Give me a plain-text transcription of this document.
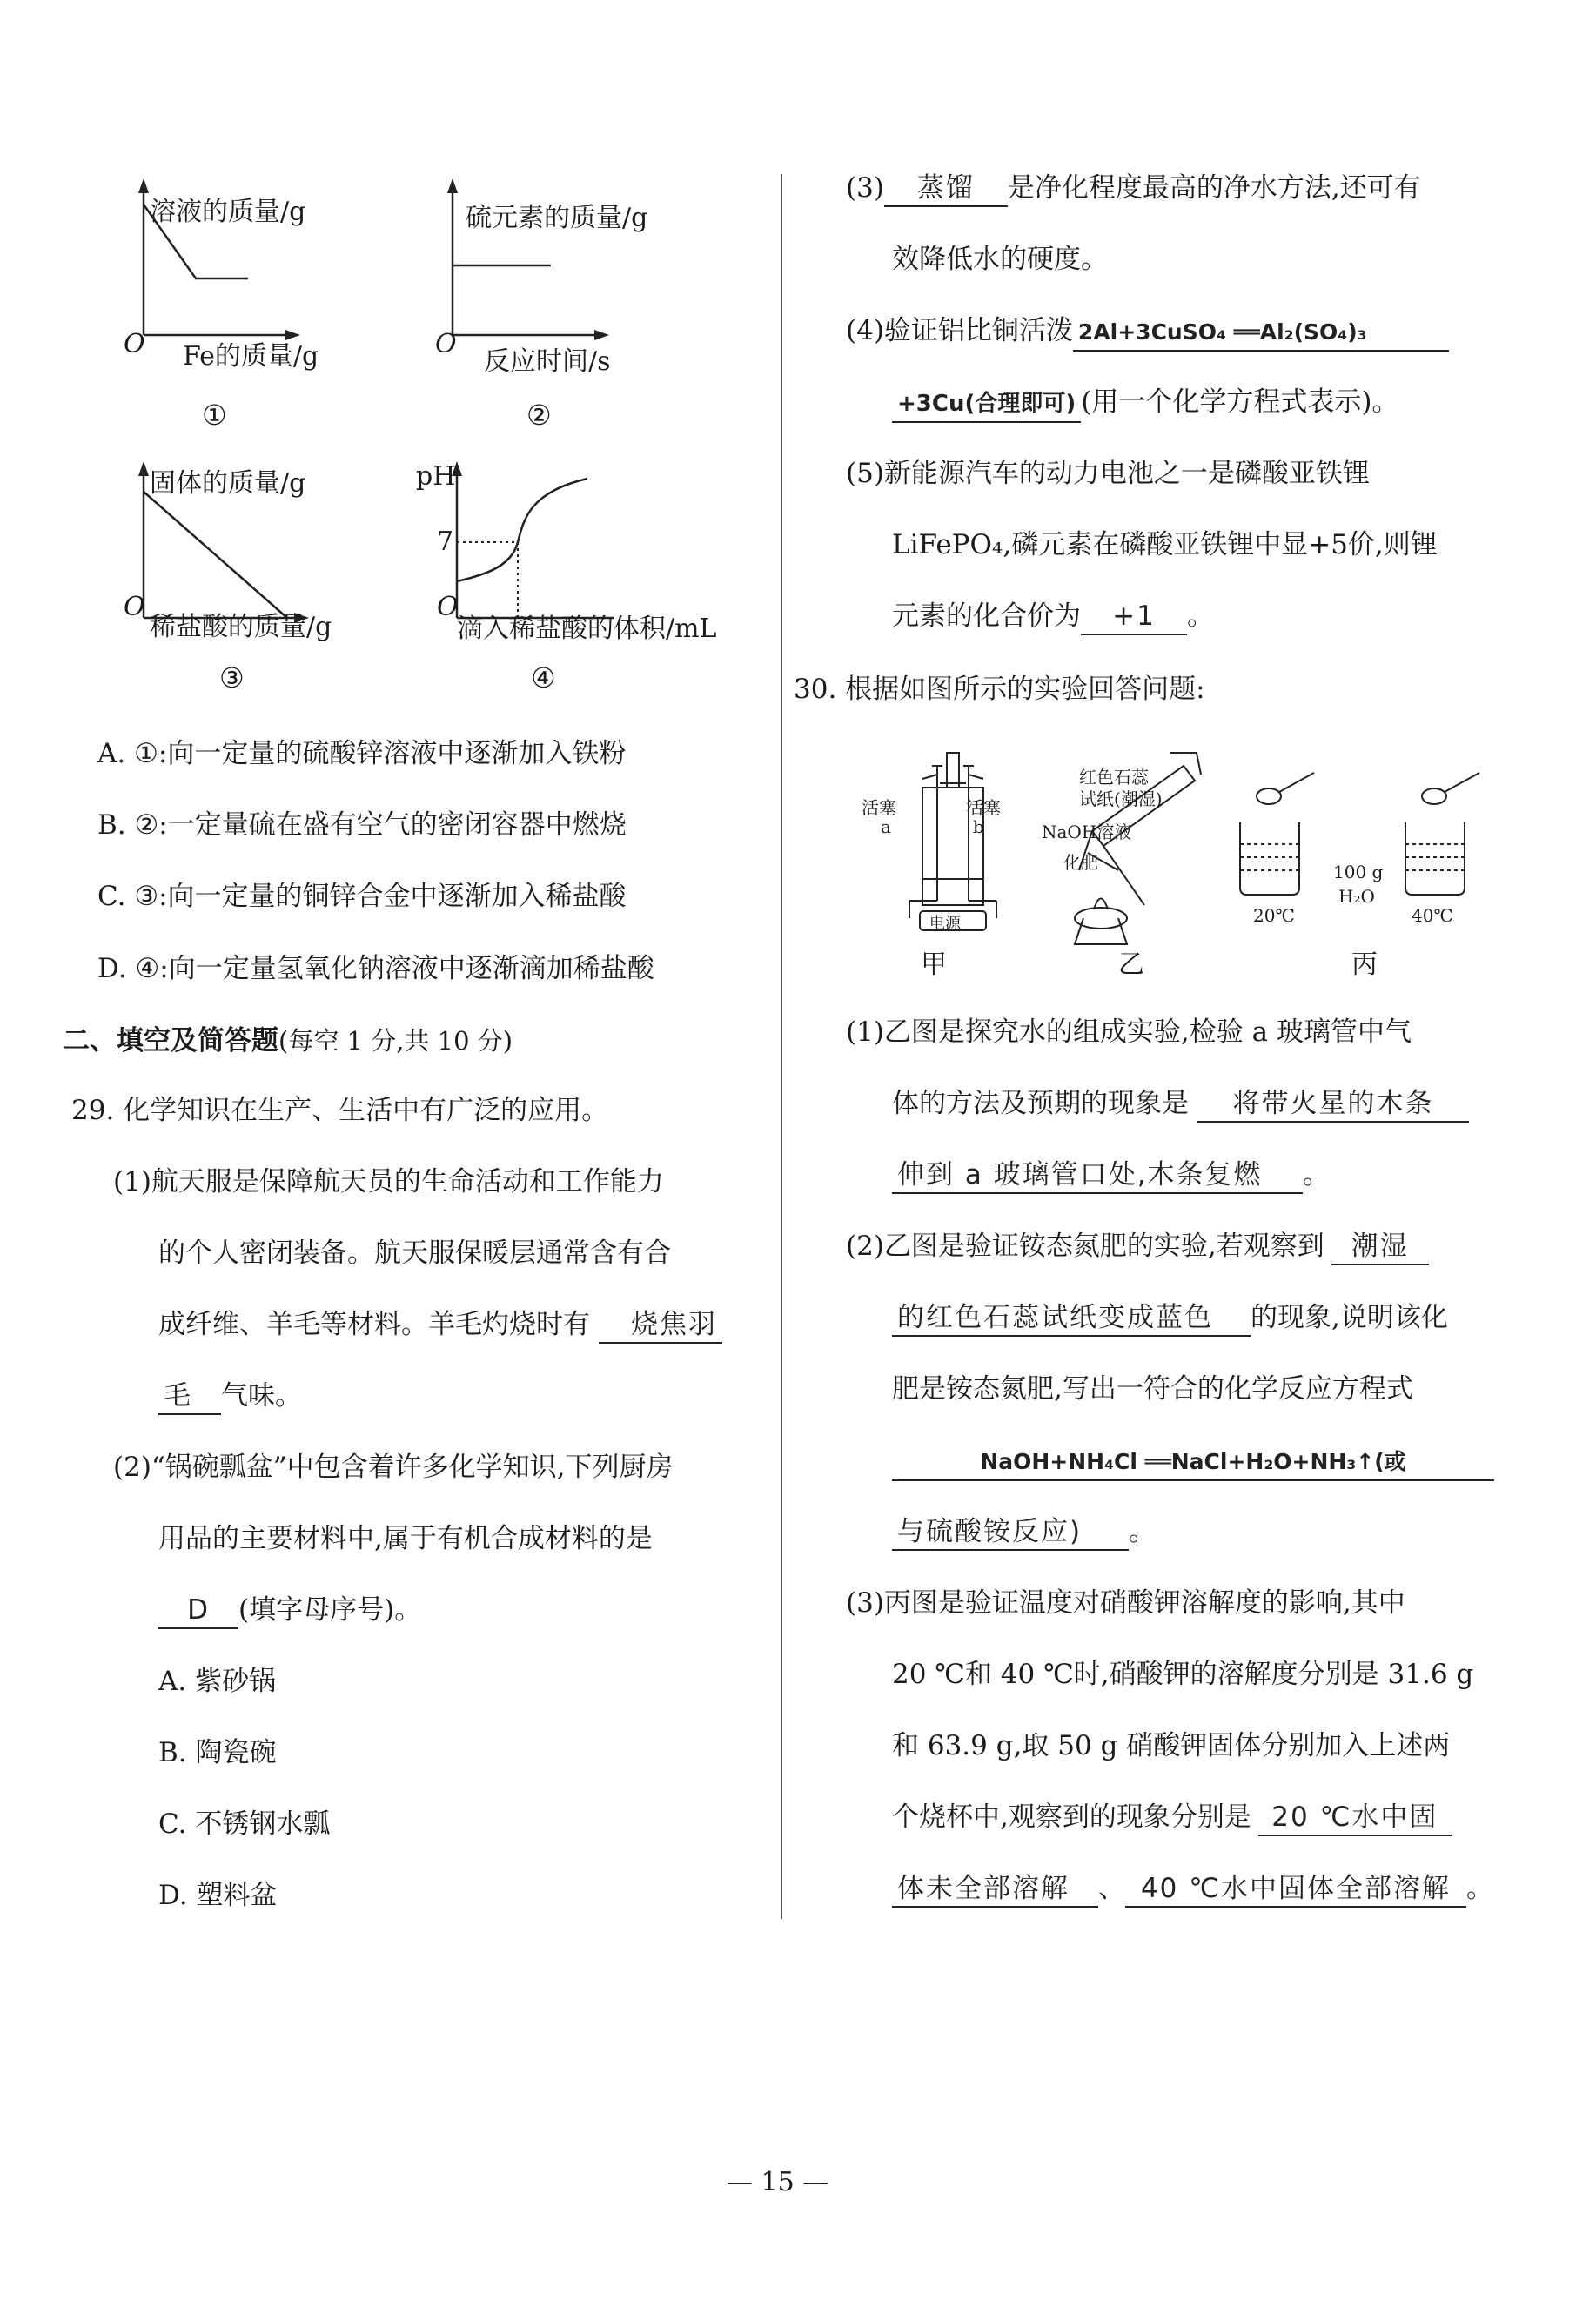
溶液的质量/g
O Fe的质量/g
①
硫元素的质量/g
O
反应时间/s
②
固体的质量/g
O
稀盐酸的质量/g
③
pH
7
O
滴入稀盐酸的体积/mL
④
A. ①:向一定量的硫酸锌溶液中逐渐加入铁粉
B. ②:一定量硫在盛有空气的密闭容器中燃烧
C. ③:向一定量的铜锌合金中逐渐加入稀盐酸
D. ④:向一定量氢氧化钠溶液中逐渐滴加稀盐酸
二、填空及简答题(每空 1 分,共 10 分)
29. 化学知识在生产、生活中有广泛的应用。
(1)航天服是保障航天员的生命活动和工作能力
的个人密闭装备。航天服保暖层通常含有合
成纤维、羊毛等材料。羊毛灼烧时有 烧焦羽
毛 气味。
(2)“锅碗瓢盆”中包含着许多化学知识,下列厨房
用品的主要材料中,属于有机合成材料的是
D (填字母序号)。
A. 紫砂锅
B. 陶瓷碗
C. 不锈钢水瓢
D. 塑料盆
(3) 蒸馏 是净化程度最高的净水方法,还可有
效降低水的硬度。
(4)验证铝比铜活泼 2Al+3CuSO₄ ══Al₂(SO₄)₃
+3Cu(合理即可) (用一个化学方程式表示)。
(5)新能源汽车的动力电池之一是磷酸亚铁锂
LiFePO₄,磷元素在磷酸亚铁锂中显+5价,则锂
元素的化合价为 +1 。
30. 根据如图所示的实验回答问题:
活塞	活塞
a	b
电源
红色石蕊
试纸(潮湿)
NaOH溶液
化肥	100 g
H₂O
20℃	40℃
甲	乙	丙
(1)乙图是探究水的组成实验,检验 a 玻璃管中气
体的方法及预期的现象是 将带火星的木条
伸到 a 玻璃管口处,木条复燃 。
(2)乙图是验证铵态氮肥的实验,若观察到 潮湿
的红色石蕊试纸变成蓝色 的现象,说明该化
肥是铵态氮肥,写出一符合的化学反应方程式
NaOH+NH₄Cl ══NaCl+H₂O+NH₃↑(或
与硫酸铵反应) 。
(3)丙图是验证温度对硝酸钾溶解度的影响,其中
20 ℃和 40 ℃时,硝酸钾的溶解度分别是 31.6 g
和 63.9 g,取 50 g 硝酸钾固体分别加入上述两
个烧杯中,观察到的现象分别是 20 ℃水中固
体未全部溶解 、 40 ℃水中固体全部溶解 。
— 15 —
